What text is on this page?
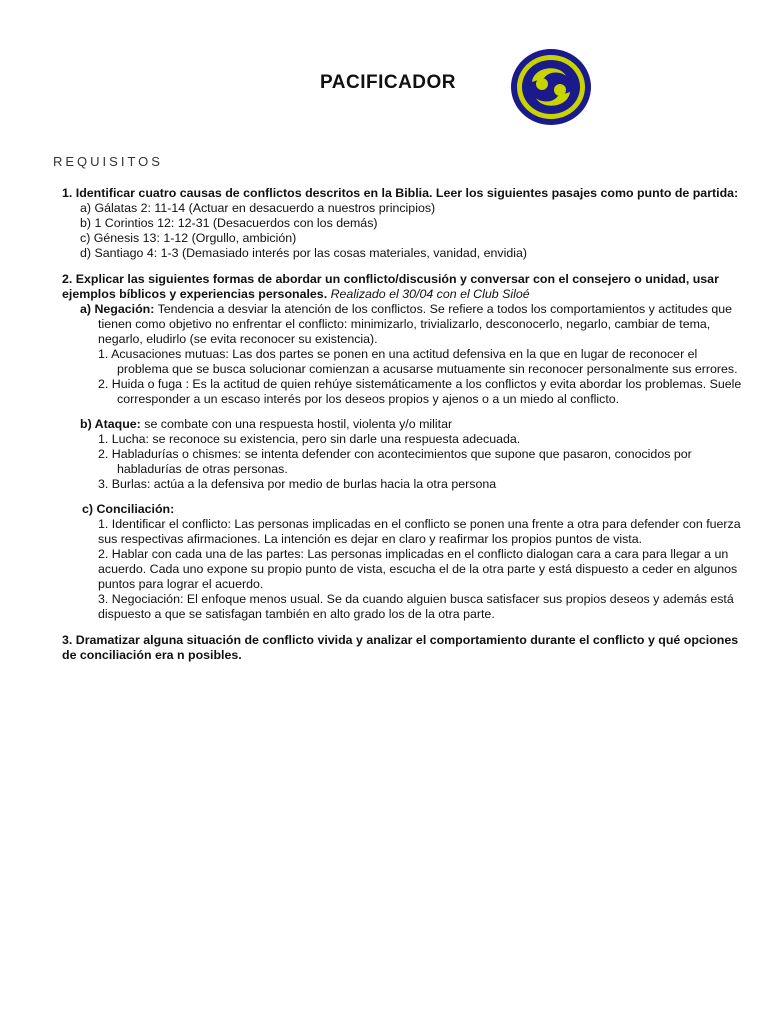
PACIFICADOR
REQUISITOS

1. Identificar cuatro causas de conflictos descritos en la Biblia. Leer los siguientes pasajes como punto de partida:

a) Gálatas 2: 11-14 (Actuar en desacuerdo a nuestros principios)

b) 1 Corintios 12: 12-31 (Desacuerdos con los demás)

c) Génesis 13: 1-12 (Orgullo, ambición)

d) Santiago 4: 1-3 (Demasiado interés por las cosas materiales, vanidad, envidia)

2. Explicar las siguientes formas de abordar un conflicto/discusión y conversar con el consejero o unidad, usar ejemplos bíblicos y experiencias personales. Realizado el 30/04 con el Club Siloé

a) Negación: Tendencia a desviar la atención de los conflictos. Se refiere a todos los comportamientos y actitudes que tienen como objetivo no enfrentar el conflicto: minimizarlo, trivializarlo, desconocerlo, negarlo, cambiar de tema, negarlo, eludirlo (se evita reconocer su existencia).

1. Acusaciones mutuas: Las dos partes se ponen en una actitud defensiva en la que en lugar de reconocer el problema que se busca solucionar comienzan a acusarse mutuamente sin reconocer personalmente sus errores.

2. Huida o fuga : Es la actitud de quien rehúye sistemáticamente a los conflictos y evita abordar los problemas. Suele corresponder a un escaso interés por los deseos propios y ajenos o a un miedo al conflicto.

b) Ataque: se combate con una respuesta hostil, violenta y/o militar

1. Lucha: se reconoce su existencia, pero sin darle una respuesta adecuada.

2. Habladurías o chismes: se intenta defender con acontecimientos que supone que pasaron, conocidos por habladurías de otras personas.

3. Burlas: actúa a la defensiva por medio de burlas hacia la otra persona

c) Conciliación:

1. Identificar el conflicto: Las personas implicadas en el conflicto se ponen una frente a otra para defender con fuerza sus respectivas afirmaciones. La intención es dejar en claro y reafirmar los propios puntos de vista.

2. Hablar con cada una de las partes: Las personas implicadas en el conflicto dialogan cara a cara para llegar a un acuerdo. Cada uno expone su propio punto de vista, escucha el de la otra parte y está dispuesto a ceder en algunos puntos para lograr el acuerdo.

3. Negociación: El enfoque menos usual. Se da cuando alguien busca satisfacer sus propios deseos y además está dispuesto a que se satisfagan también en alto grado los de la otra parte.

3. Dramatizar alguna situación de conflicto vivida y analizar el comportamiento durante el conflicto y qué opciones de conciliación era n posibles.
